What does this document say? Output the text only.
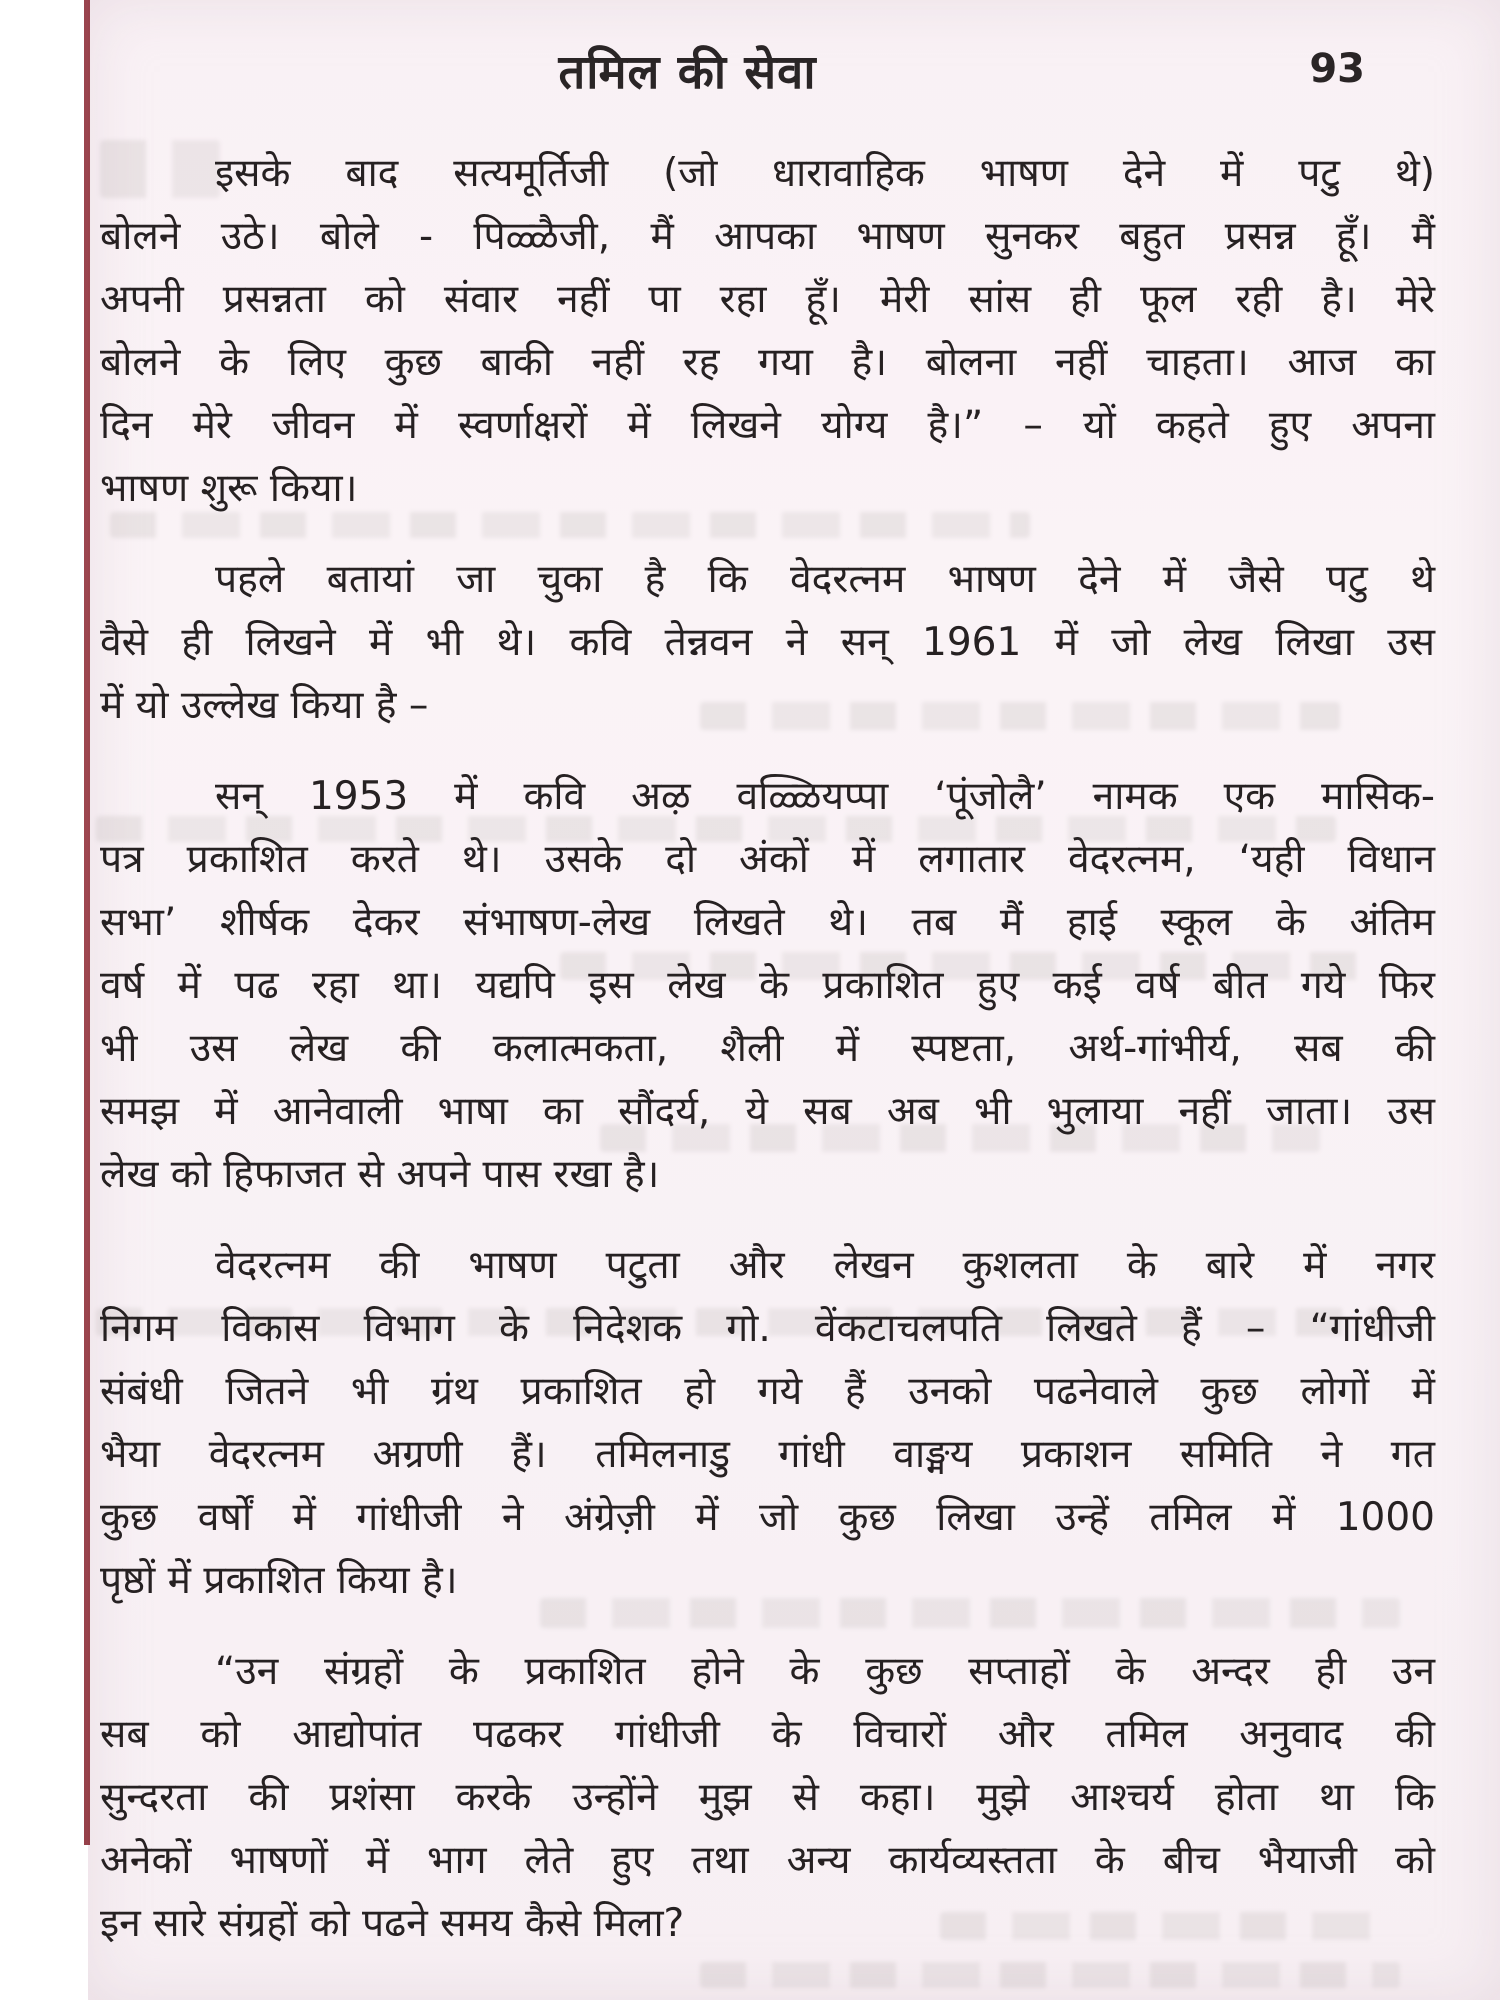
तमिल की सेवा	93
इसके बाद सत्यमूर्तिजी (जो धारावाहिक भाषण देने में पटु थे)
बोलने उठे। बोले - पिळ्ळैजी, मैं आपका भाषण सुनकर बहुत प्रसन्न हूँ। मैं
अपनी प्रसन्नता को संवार नहीं पा रहा हूँ। मेरी सांस ही फूल रही है। मेरे
बोलने के लिए कुछ बाकी नहीं रह गया है। बोलना नहीं चाहता। आज का
दिन मेरे जीवन में स्वर्णाक्षरों में लिखने योग्य है।” – यों कहते हुए अपना
भाषण शुरू किया।
पहले बतायां जा चुका है कि वेदरत्नम भाषण देने में जैसे पटु थे
वैसे ही लिखने में भी थे। कवि तेन्नवन ने सन् 1961 में जो लेख लिखा उस
में यो उल्लेख किया है –
सन् 1953 में कवि अऴ वळ्ळियप्पा ‘पूंजोलै’ नामक एक मासिक-
पत्र प्रकाशित करते थे। उसके दो अंकों में लगातार वेदरत्नम, ‘यही विधान
सभा’ शीर्षक देकर संभाषण-लेख लिखते थे। तब मैं हाई स्कूल के अंतिम
वर्ष में पढ रहा था। यद्यपि इस लेख के प्रकाशित हुए कई वर्ष बीत गये फिर
भी उस लेख की कलात्मकता, शैली में स्पष्टता, अर्थ-गांभीर्य, सब की
समझ में आनेवाली भाषा का सौंदर्य, ये सब अब भी भुलाया नहीं जाता। उस
लेख को हिफाजत से अपने पास रखा है।
वेदरत्नम की भाषण पटुता और लेखन कुशलता के बारे में नगर
निगम विकास विभाग के निदेशक गो. वेंकटाचलपति लिखते हैं – “गांधीजी
संबंधी जितने भी ग्रंथ प्रकाशित हो गये हैं उनको पढनेवाले कुछ लोगों में
भैया वेदरत्नम अग्रणी हैं। तमिलनाडु गांधी वाङ्मय प्रकाशन समिति ने गत
कुछ वर्षों में गांधीजी ने अंग्रेज़ी में जो कुछ लिखा उन्हें तमिल में 1000
पृष्ठों में प्रकाशित किया है।
“उन संग्रहों के प्रकाशित होने के कुछ सप्ताहों के अन्दर ही उन
सब को आद्योपांत पढकर गांधीजी के विचारों और तमिल अनुवाद की
सुन्दरता की प्रशंसा करके उन्होंने मुझ से कहा। मुझे आश्चर्य होता था कि
अनेकों भाषणों में भाग लेते हुए तथा अन्य कार्यव्यस्तता के बीच भैयाजी को
इन सारे संग्रहों को पढने समय कैसे मिला?
